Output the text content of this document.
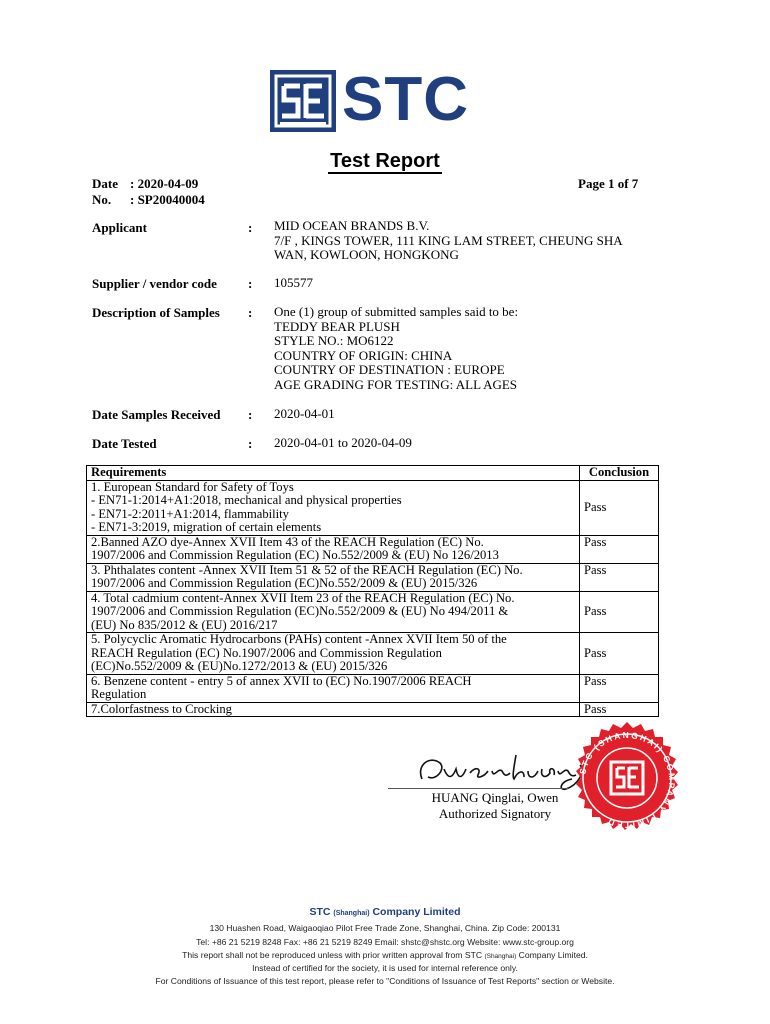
STC
Test Report
Date : 2020-04-09
No. : SP20040004
Page 1 of 7
Applicant	: MID OCEAN BRANDS B.V.
7/F , KINGS TOWER, 111 KING LAM STREET, CHEUNG SHA
WAN, KOWLOON, HONGKONG
Supplier / vendor code : 105577
Description of Samples : One (1) group of submitted samples said to be:
TEDDY BEAR PLUSH
STYLE NO.: MO6122
COUNTRY OF ORIGIN: CHINA
COUNTRY OF DESTINATION : EUROPE
AGE GRADING FOR TESTING: ALL AGES
Date Samples Received : 2020-04-01
Date Tested	: 2020-04-01 to 2020-04-09
Requirements	Conclusion

1. European Standard for Safety of Toys
- EN71-1:2014+A1:2018, mechanical and physical properties
- EN71-2:2011+A1:2014, flammability
- EN71-3:2019, migration of certain elements	Pass

2.Banned AZO dye-Annex XVII Item 43 of the REACH Regulation (EC) No.
1907/2006 and Commission Regulation (EC) No.552/2009 & (EU) No 126/2013	Pass

3. Phthalates content -Annex XVII Item 51 & 52 of the REACH Regulation (EC) No.
1907/2006 and Commission Regulation (EC)No.552/2009 & (EU) 2015/326	Pass

4. Total cadmium content-Annex XVII Item 23 of the REACH Regulation (EC) No.
1907/2006 and Commission Regulation (EC)No.552/2009 & (EU) No 494/2011 &
(EU) No 835/2012 & (EU) 2016/217	Pass

5. Polycyclic Aromatic Hydrocarbons (PAHs) content -Annex XVII Item 50 of the
REACH Regulation (EC) No.1907/2006 and Commission Regulation
(EC)No.552/2009 & (EU)No.1272/2013 & (EU) 2015/326	Pass

6. Benzene content - entry 5 of annex XVII to (EC) No.1907/2006 REACH
Regulation	Pass

7.Colorfastness to Crocking	Pass
HUANG Qinglai, Owen
Authorized Signatory
STC (SHANGHAI) COMPANY LIMITED
STC (Shanghai) Company Limited
130 Huashen Road, Waigaoqiao Pilot Free Trade Zone, Shanghai, China. Zip Code: 200131
Tel: +86 21 5219 8248 Fax: +86 21 5219 8249 Email: shstc@shstc.org Website: www.stc-group.org
This report shall not be reproduced unless with prior written approval from STC (Shanghai) Company Limited.
Instead of certified for the society, it is used for internal reference only.
For Conditions of Issuance of this test report, please refer to "Conditions of Issuance of Test Reports" section or Website.
